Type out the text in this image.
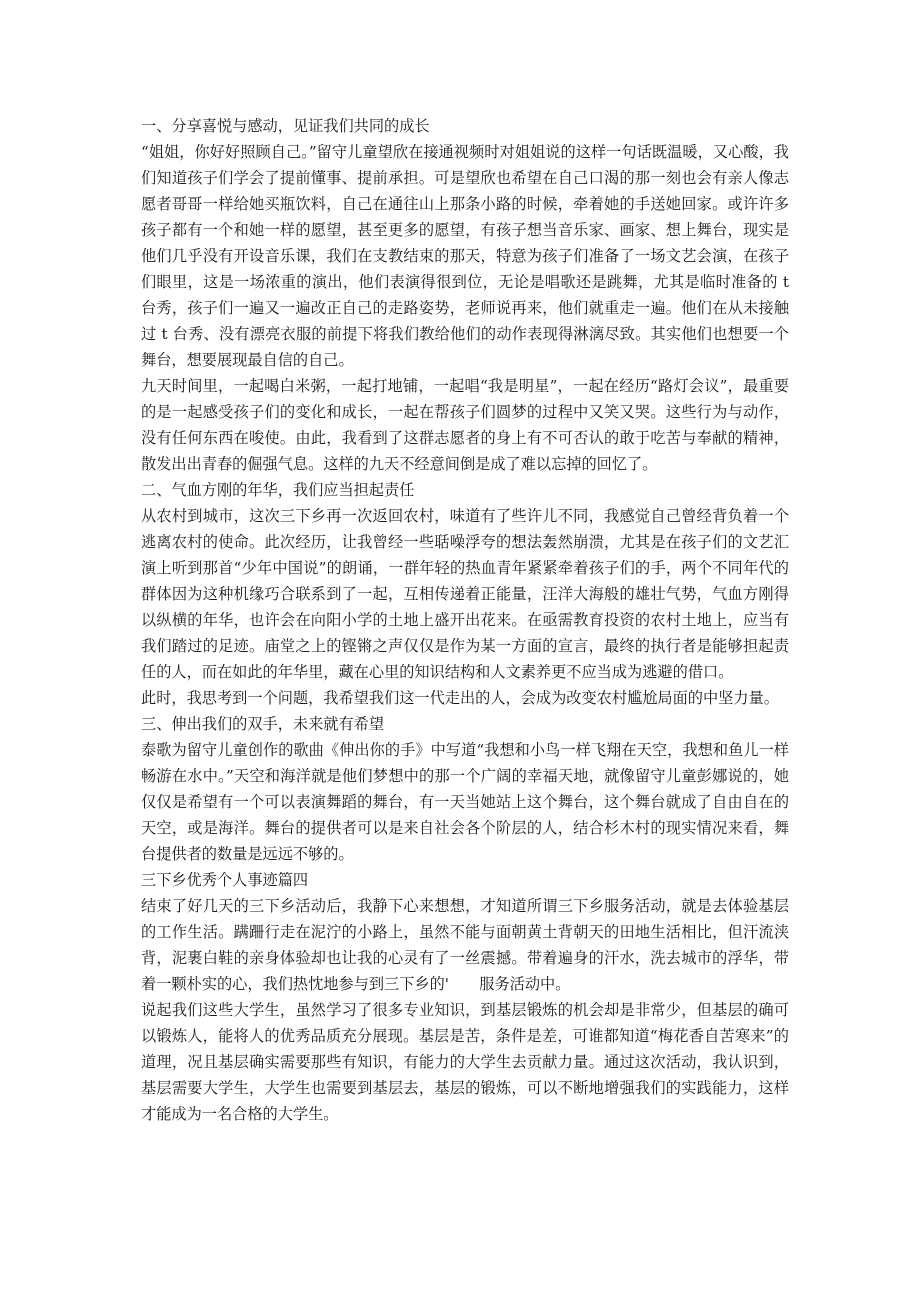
一、分享喜悦与感动，见证我们共同的成长

“姐姐，你好好照顾自己。”留守儿童望欣在接通视频时对姐姐说的这样一句话既温暖，又心酸，我们知道孩子们学会了提前懂事、提前承担。可是望欣也希望在自己口渴的那一刻也会有亲人像志愿者哥哥一样给她买瓶饮料，自己在通往山上那条小路的时候，牵着她的手送她回家。或许许多孩子都有一个和她一样的愿望，甚至更多的愿望，有孩子想当音乐家、画家、想上舞台，现实是他们几乎没有开设音乐课，我们在支教结束的那天，特意为孩子们准备了一场文艺会演，在孩子们眼里，这是一场浓重的演出，他们表演得很到位，无论是唱歌还是跳舞，尤其是临时准备的 t 台秀，孩子们一遍又一遍改正自己的走路姿势，老师说再来，他们就重走一遍。他们在从未接触过 t 台秀、没有漂亮衣服的前提下将我们教给他们的动作表现得淋漓尽致。其实他们也想要一个舞台，想要展现最自信的自己。

九天时间里，一起喝白米粥，一起打地铺，一起唱“我是明星”，一起在经历“路灯会议”，最重要的是一起感受孩子们的变化和成长，一起在帮孩子们圆梦的过程中又笑又哭。这些行为与动作，没有任何东西在唆使。由此，我看到了这群志愿者的身上有不可否认的敢于吃苦与奉献的精神，散发出出青春的倔强气息。这样的九天不经意间倒是成了难以忘掉的回忆了。

二、气血方刚的年华，我们应当担起责任

从农村到城市，这次三下乡再一次返回农村，味道有了些许儿不同，我感觉自己曾经背负着一个逃离农村的使命。此次经历，让我曾经一些聒噪浮夸的想法轰然崩溃，尤其是在孩子们的文艺汇演上听到那首“少年中国说”的朗诵，一群年轻的热血青年紧紧牵着孩子们的手，两个不同年代的群体因为这种机缘巧合联系到了一起，互相传递着正能量，汪洋大海般的雄壮气势，气血方刚得以纵横的年华，也许会在向阳小学的土地上盛开出花来。在亟需教育投资的农村土地上，应当有我们踏过的足迹。庙堂之上的铿锵之声仅仅是作为某一方面的宣言，最终的执行者是能够担起责任的人，而在如此的年华里，藏在心里的知识结构和人文素养更不应当成为逃避的借口。

此时，我思考到一个问题，我希望我们这一代走出的人，会成为改变农村尴尬局面的中坚力量。

三、伸出我们的双手，未来就有希望

泰歌为留守儿童创作的歌曲《伸出你的手》中写道“我想和小鸟一样飞翔在天空，我想和鱼儿一样畅游在水中。”天空和海洋就是他们梦想中的那一个广阔的幸福天地，就像留守儿童彭娜说的，她仅仅是希望有一个可以表演舞蹈的舞台，有一天当她站上这个舞台，这个舞台就成了自由自在的天空，或是海洋。舞台的提供者可以是来自社会各个阶层的人，结合杉木村的现实情况来看，舞台提供者的数量是远远不够的。

三下乡优秀个人事迹篇四

结束了好几天的三下乡活动后，我静下心来想想，才知道所谓三下乡服务活动，就是去体验基层的工作生活。蹒跚行走在泥泞的小路上，虽然不能与面朝黄土背朝天的田地生活相比，但汗流浃背，泥裹白鞋的亲身体验却也让我的心灵有了一丝震撼。带着遍身的汗水，洗去城市的浮华，带着一颗朴实的心，我们热忱地参与到三下乡的'　　服务活动中。

说起我们这些大学生，虽然学习了很多专业知识，到基层锻炼的机会却是非常少，但基层的确可以锻炼人，能将人的优秀品质充分展现。基层是苦，条件是差，可谁都知道“梅花香自苦寒来”的道理，况且基层确实需要那些有知识，有能力的大学生去贡献力量。通过这次活动，我认识到，基层需要大学生，大学生也需要到基层去，基层的锻炼，可以不断地增强我们的实践能力，这样才能成为一名合格的大学生。
